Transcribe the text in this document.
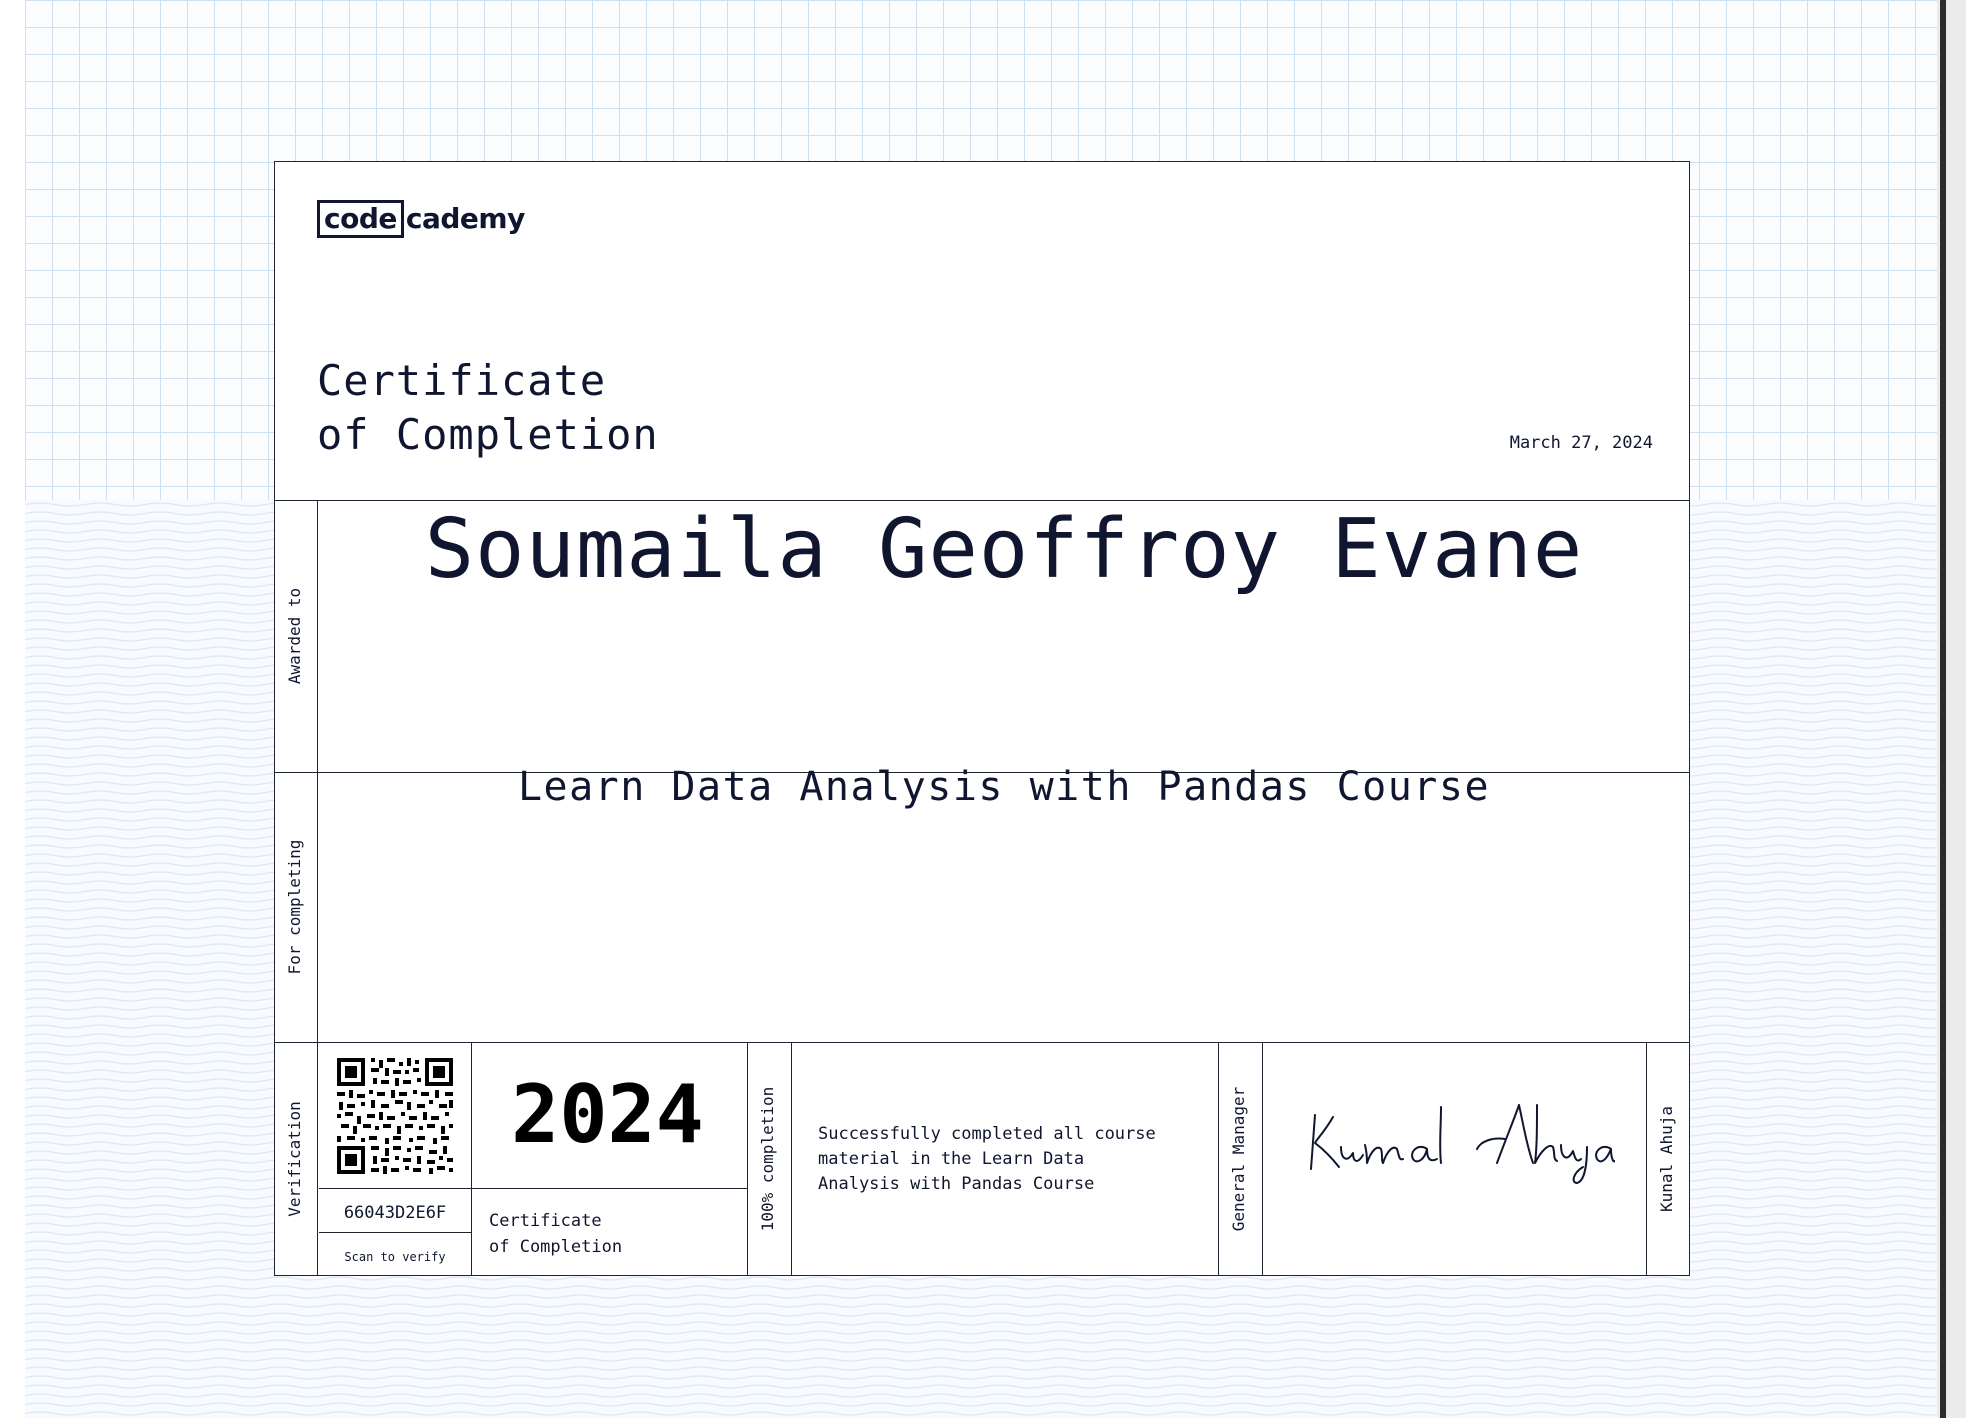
code cademy
Certificate
of Completion	March 27, 2024
Awarded to
For completing
Verification	100% completion	General Manager	Kunal Ahuja
Soumaila Geoffroy Evane
Learn Data Analysis with Pandas Course
66043D2E6F
Scan to verify
2024
Certificate
of Completion
Successfully completed all course
material in the Learn Data
Analysis with Pandas Course
